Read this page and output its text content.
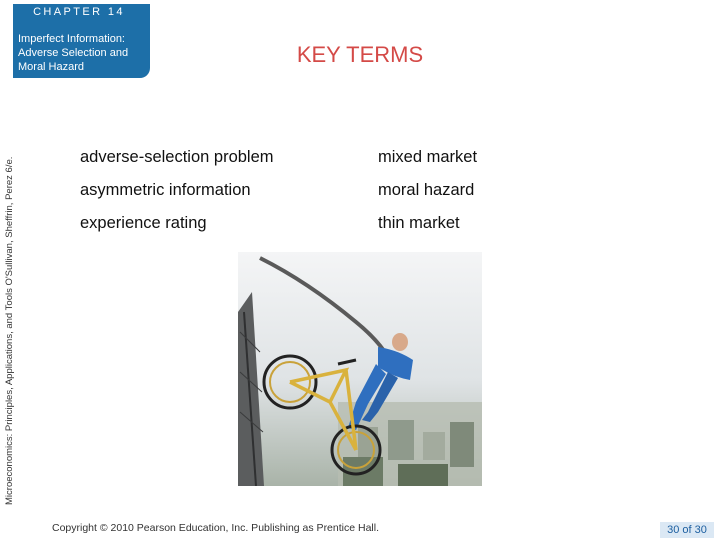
CHAPTER 14
Imperfect Information: Adverse Selection and Moral Hazard
Microeconomics: Principles, Applications, and Tools O'Sullivan, Sheffrin, Perez 6/e.
KEY TERMS
adverse-selection problem	mixed market
asymmetric information	moral hazard
experience rating	thin market
Copyright © 2010 Pearson Education, Inc. Publishing as Prentice Hall.	30 of 30
